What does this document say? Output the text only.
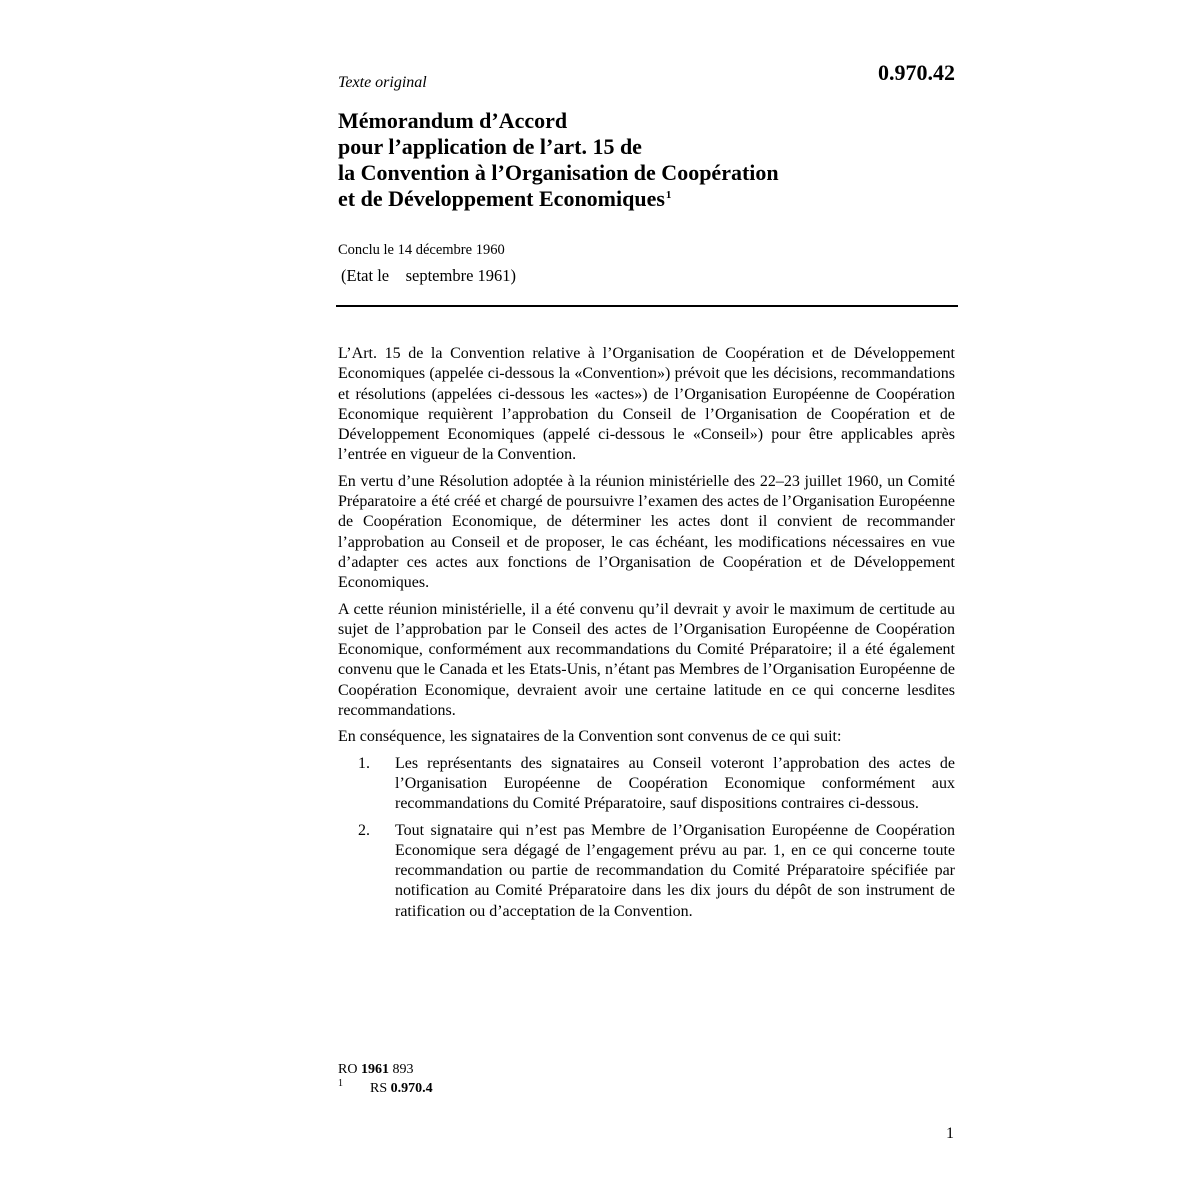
Texte original	0.970.42
Mémorandum d’Accord
pour l’application de l’art. 15 de
la Convention à l’Organisation de Coopération
et de Développement Economiques$^1$
Conclu le 14 décembre 1960
(Etat le    septembre 1961)

L’Art. 15 de la Convention relative à l’Organisation de Coopération et de Développement Economiques (appelée ci-dessous la «Convention») prévoit que les décisions, recommandations et résolutions (appelées ci-dessous les «actes») de l’Organisation Européenne de Coopération Economique requièrent l’approbation du Conseil de l’Organisation de Coopération et de Développement Economiques (appelé ci-dessous le «Conseil») pour être applicables après l’entrée en vigueur de la Convention.

En vertu d’une Résolution adoptée à la réunion ministérielle des 22–23 juillet 1960, un Comité Préparatoire a été créé et chargé de poursuivre l’examen des actes de l’Organisation Européenne de Coopération Economique, de déterminer les actes dont il convient de recommander l’approbation au Conseil et de proposer, le cas échéant, les modifications nécessaires en vue d’adapter ces actes aux fonctions de l’Organisation de Coopération et de Développement Economiques.

A cette réunion ministérielle, il a été convenu qu’il devrait y avoir le maximum de certitude au sujet de l’approbation par le Conseil des actes de l’Organisation Européenne de Coopération Economique, conformément aux recommandations du Comité Préparatoire; il a été également convenu que le Canada et les Etats-Unis, n’étant pas Membres de l’Organisation Européenne de Coopération Economique, devraient avoir une certaine latitude en ce qui concerne lesdites recommandations.

En conséquence, les signataires de la Convention sont convenus de ce qui suit:

1. Les représentants des signataires au Conseil voteront l’approbation des actes de l’Organisation Européenne de Coopération Economique conformément aux recommandations du Comité Préparatoire, sauf dispositions contraires ci-dessous.
2. Tout signataire qui n’est pas Membre de l’Organisation Européenne de Coopération Economique sera dégagé de l’engagement prévu au par. 1, en ce qui concerne toute recommandation ou partie de recommandation du Comité Préparatoire spécifiée par notification au Comité Préparatoire dans les dix jours du dépôt de son instrument de ratification ou d’acceptation de la Convention.
RO 1961 893
1 RS 0.970.4
1
